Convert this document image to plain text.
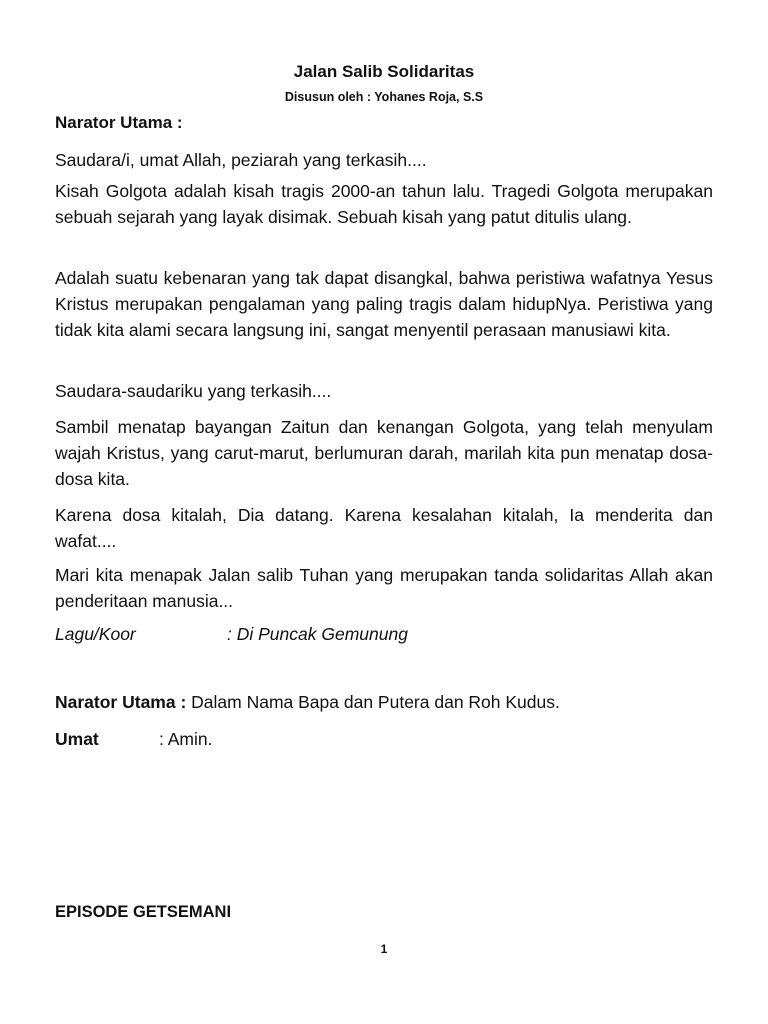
Jalan Salib Solidaritas
Disusun oleh : Yohanes Roja, S.S
Narator Utama :
Saudara/i, umat Allah, peziarah yang terkasih....
Kisah Golgota adalah kisah tragis 2000-an tahun lalu. Tragedi Golgota merupakan sebuah sejarah yang layak disimak. Sebuah kisah yang patut ditulis ulang.
Adalah suatu kebenaran yang tak dapat disangkal, bahwa peristiwa wafatnya Yesus Kristus merupakan pengalaman yang paling tragis dalam hidupNya. Peristiwa yang tidak kita alami secara langsung ini, sangat menyentil perasaan manusiawi kita.
Saudara-saudariku yang terkasih....
Sambil menatap bayangan Zaitun dan kenangan Golgota, yang telah menyulam wajah Kristus, yang carut-marut, berlumuran darah, marilah kita pun menatap dosa-dosa kita.
Karena dosa kitalah, Dia datang. Karena kesalahan kitalah, Ia menderita dan wafat....
Mari kita menapak Jalan salib Tuhan yang merupakan tanda solidaritas Allah akan penderitaan manusia...
Lagu/Koor	: Di Puncak Gemunung
Narator Utama : Dalam Nama Bapa dan Putera dan Roh Kudus.
Umat	: Amin.
EPISODE GETSEMANI
1
